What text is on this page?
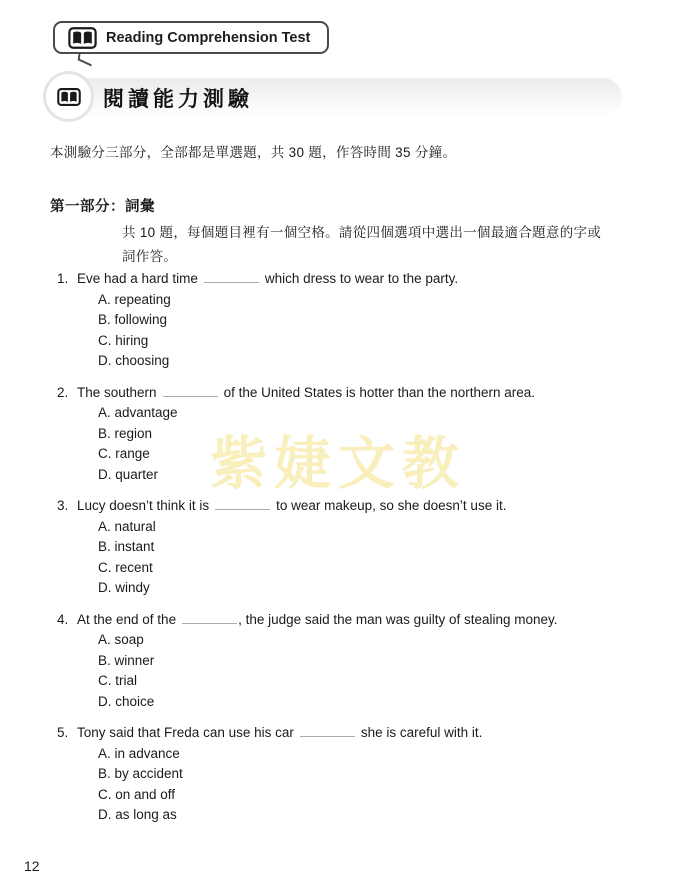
Reading Comprehension Test
閱讀能力測驗
本測驗分三部分，全部都是單選題，共 30 題，作答時間 35 分鐘。
第一部分：詞彙
共 10 題，每個題目裡有一個空格。請從四個選項中選出一個最適合題意的字或
詞作答。
紫婕文教
1. Eve had a hard time	which dress to wear to the party.
A. repeating
B. following
C. hiring
D. choosing
2. The southern	of the United States is hotter than the northern area.
A. advantage
B. region
C. range
D. quarter
3. Lucy doesn’t think it is	to wear makeup, so she doesn’t use it.
A. natural
B. instant
C. recent
D. windy
4. At the end of the	, the judge said the man was guilty of stealing money.
A. soap
B. winner
C. trial
D. choice
5. Tony said that Freda can use his car	she is careful with it.
A. in advance
B. by accident
C. on and off
D. as long as
12
